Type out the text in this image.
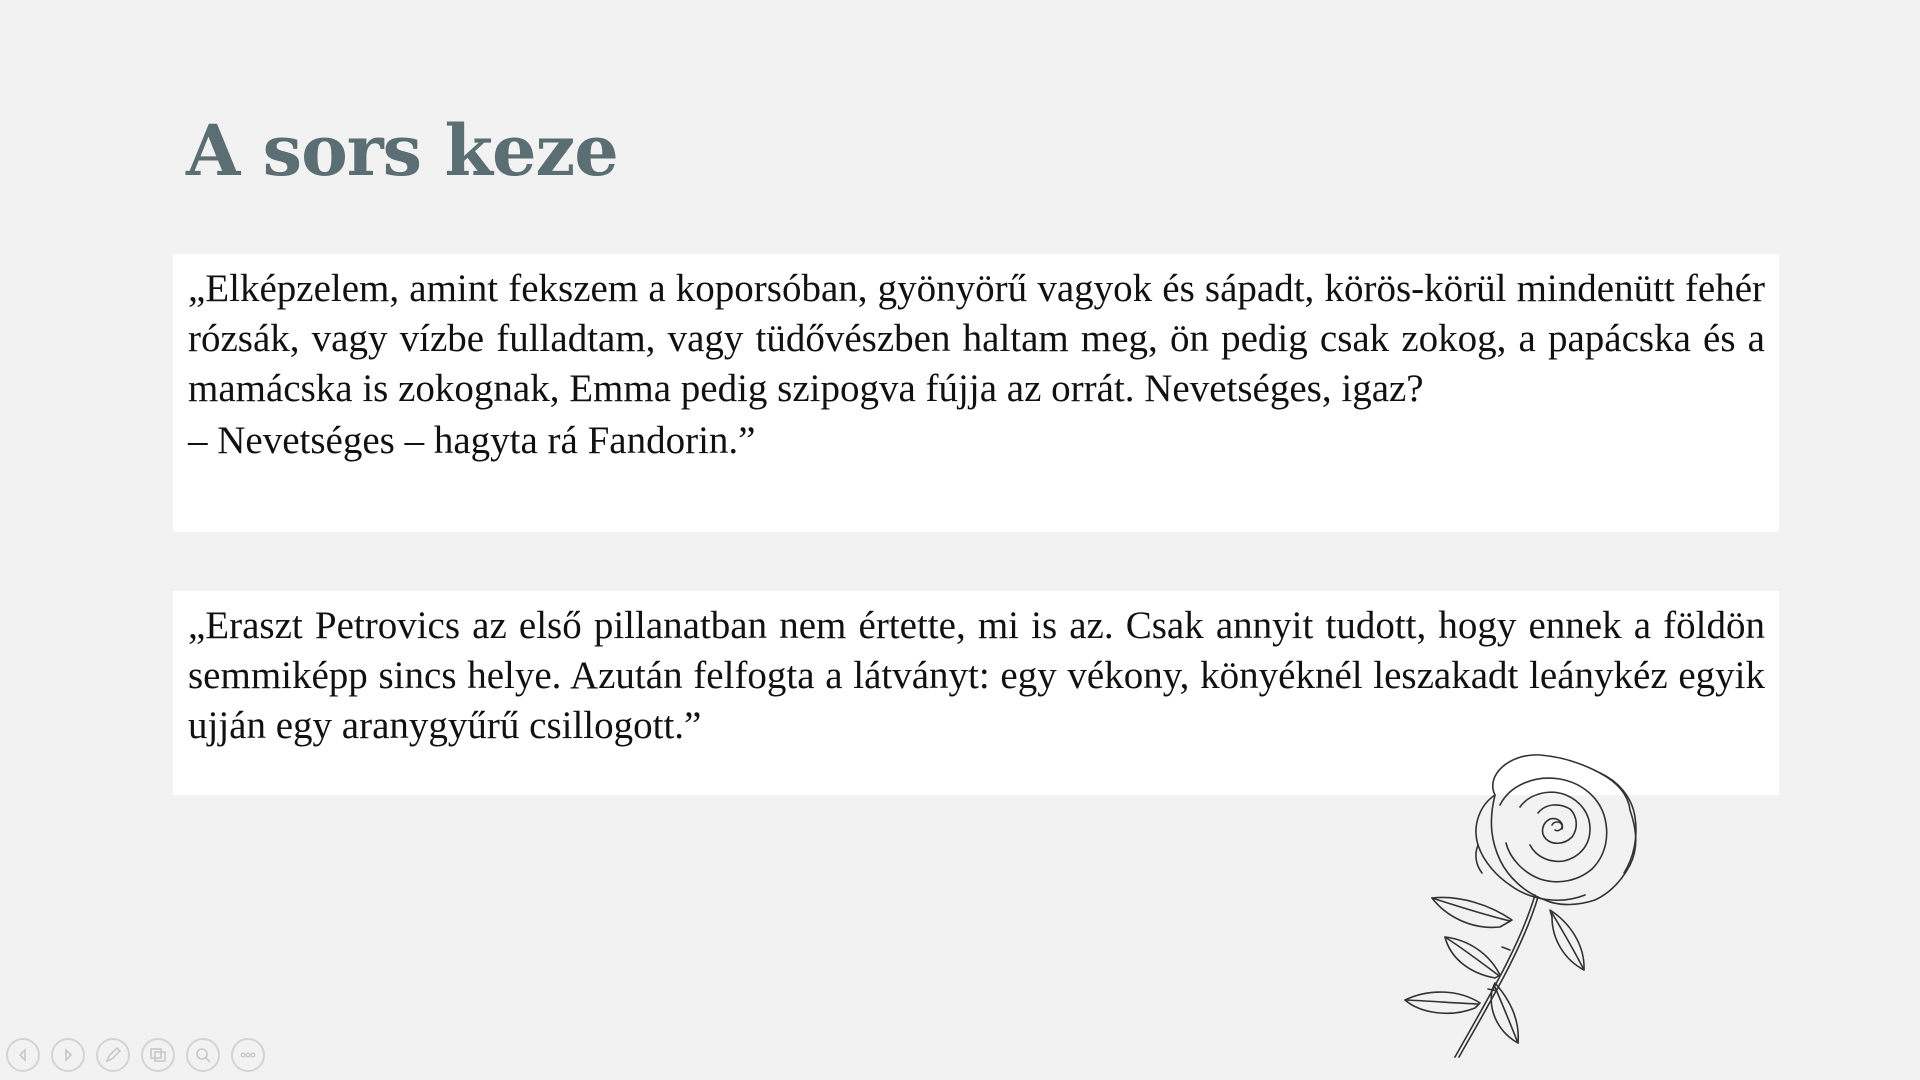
A sors keze

„Elképzelem, amint fekszem a koporsóban, gyönyörű vagyok és sápadt, körös-körül mindenütt fehér rózsák, vagy vízbe fulladtam, vagy tüdővészben haltam meg, ön pedig csak zokog, a papácska és a mamácska is zokognak, Emma pedig szipogva fújja az orrát. Nevetséges, igaz?

– Nevetséges – hagyta rá Fandorin.”

„Eraszt Petrovics az első pillanatban nem értette, mi is az. Csak annyit tudott, hogy ennek a földön semmiképp sincs helye. Azután felfogta a látványt: egy vékony, könyéknél leszakadt leánykéz egyik ujján egy aranygyűrű csillogott.”
